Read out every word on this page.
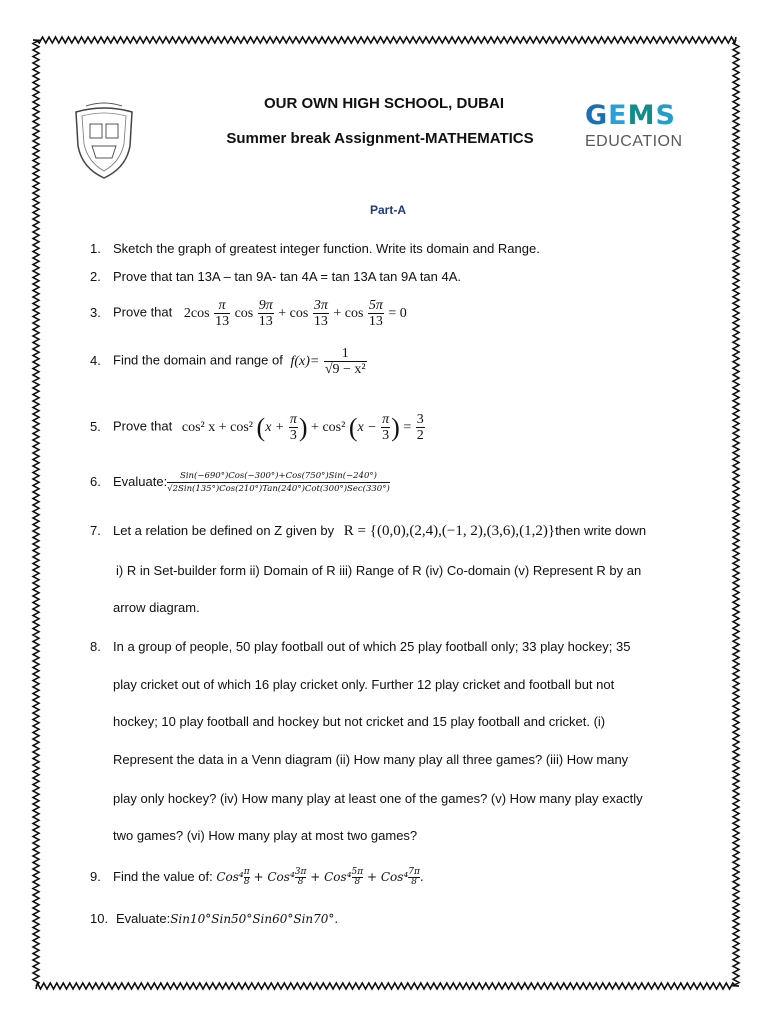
OUR OWN HIGH SCHOOL, DUBAI
Summer break Assignment-MATHEMATICS
GEMS
EDUCATION
Part-A
1. Sketch the graph of greatest integer function. Write its domain and Range.
2. Prove that tan 13A – tan 9A- tan 4A = tan 13A tan 9A tan 4A.
3. Prove that $2\cos \frac{\pi}{13}$ $\cos \frac{9\pi}{13} + \cos \frac{3\pi}{13} + \cos \frac{5\pi}{13} = 0$
4. Find the domain and range of $f(x)= \frac{1}{\text{√9 − x²}}$
5. Prove that cos² x + cos² ($x + \frac{\pi}{3}$ ) + cos² ($x - \frac{\pi}{3}$ ) = $\frac{3}{2}$
6. Evaluate: $\frac{\text{Sin(−690°)Cos(−300°)+Cos(750°)Sin(−240°)}}{\text{√2Sin(135°)Cos(210°)Tan(240°)Cot(300°)Sec(330°)}}$
7. Let a relation be defined on Z given by R = {(0,0),(2,4),(−1, 2),(3,6),(1,2)}then write down
i) R in Set-builder form ii) Domain of R iii) Range of R (iv) Co-domain (v) Represent R by an
arrow diagram.
8. In a group of people, 50 play football out of which 25 play football only; 33 play hockey; 35
play cricket out of which 16 play cricket only. Further 12 play cricket and football but not
hockey; 10 play football and hockey but not cricket and 15 play football and cricket. (i)
Represent the data in a Venn diagram (ii) How many play all three games? (iii) How many
play only hockey? (iv) How many play at least one of the games? (v) How many play exactly
two games? (vi) How many play at most two games?
9. Find the value of: $Cos^4 \frac{\pi}{8} + Cos^4 \frac{3\pi}{8} + Cos^4 \frac{5\pi}{8} + Cos^4 \frac{7\pi}{8}$ .
10. Evaluate:Sin10°Sin50°Sin60°Sin70°.
